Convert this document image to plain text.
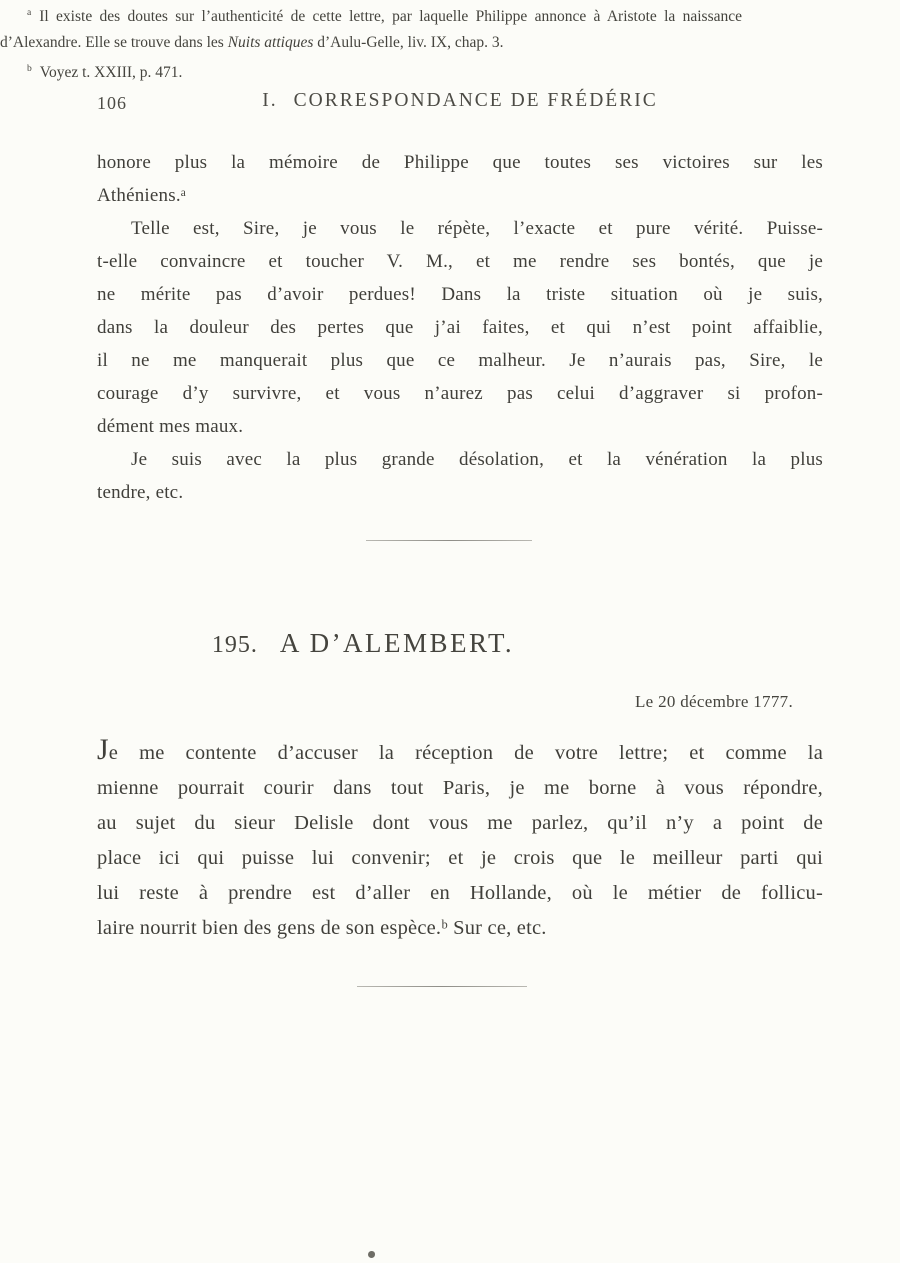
106	I. CORRESPONDANCE DE FRÉDÉRIC
honore plus la mémoire de Philippe que toutes ses victoires sur les
Athéniens.ᵃ
Telle est, Sire, je vous le répète, l’exacte et pure vérité. Puisse-
t-elle convaincre et toucher V. M., et me rendre ses bontés, que je
ne mérite pas d’avoir perdues! Dans la triste situation où je suis,
dans la douleur des pertes que j’ai faites, et qui n’est point affaiblie,
il ne me manquerait plus que ce malheur. Je n’aurais pas, Sire, le
courage d’y survivre, et vous n’aurez pas celui d’aggraver si profon-
dément mes maux.
Je suis avec la plus grande désolation, et la vénération la plus
tendre, etc.
195. A D’ALEMBERT.
Le 20 décembre 1777.
Je me contente d’accuser la réception de votre lettre; et comme la
mienne pourrait courir dans tout Paris, je me borne à vous répondre,
au sujet du sieur Delisle dont vous me parlez, qu’il n’y a point de
place ici qui puisse lui convenir; et je crois que le meilleur parti qui
lui reste à prendre est d’aller en Hollande, où le métier de follicu-
laire nourrit bien des gens de son espèce.ᵇ Sur ce, etc.

$^a$ Il existe des doutes sur l’authenticité de cette lettre, par laquelle Philippe annonce à Aristote la naissance d’Alexandre. Elle se trouve dans les Nuits attiques d’Aulu-Gelle, liv. IX, chap. 3.

$^b$ Voyez t. XXIII, p. 471.
